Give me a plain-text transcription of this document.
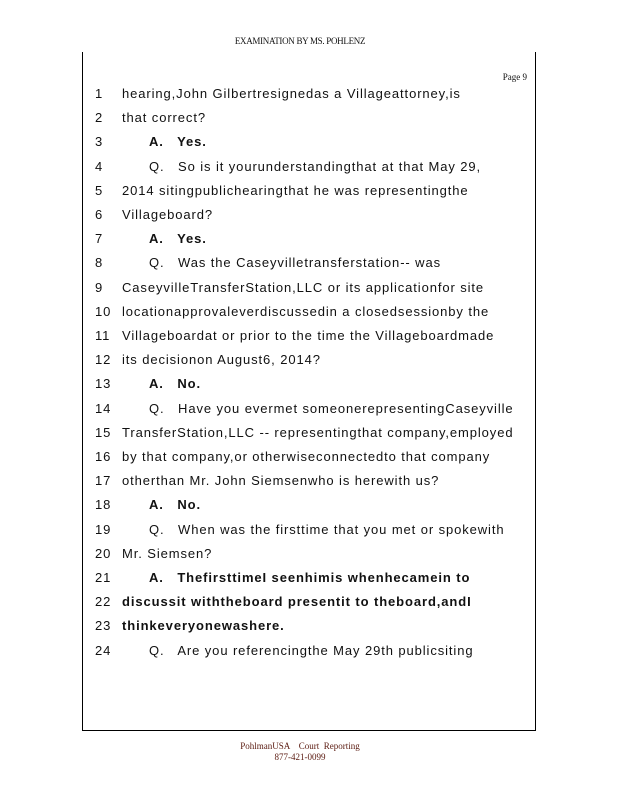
EXAMINATION BY MS. POHLENZ
Page 9
1	hearing,John Gilbertresignedas a Villageattorney,is
2	that correct?
3	A.   Yes.
4	Q.   So is it yourunderstandingthat at that May 29,
5	2014 sitingpublichearingthat he was representingthe
6	Villageboard?
7	A.   Yes.
8	Q.   Was the Caseyvilletransferstation-- was
9	CaseyvilleTransferStation,LLC or its applicationfor site
10 locationapprovaleverdiscussedin a closedsessionby the
11 Villageboardat or prior to the time the Villageboardmade
12 its decisionon August6, 2014?
13	A.   No.
14	Q.   Have you evermet someonerepresentingCaseyville
15 TransferStation,LLC -- representingthat company,employed
16 by that company,or otherwiseconnectedto that company
17 otherthan Mr. John Siemsenwho is herewith us?
18	A.   No.
19	Q.   When was the firsttime that you met or spokewith
20 Mr. Siemsen?
21	A.   ThefirsttimeI seenhimis whenhecamein to
22 discussit withtheboard presentit to theboard,andI
23 thinkeveryonewashere.
24	Q.   Are you referencingthe May 29th publicsiting
PohlmanUSA    Court  Reporting
877-421-0099
